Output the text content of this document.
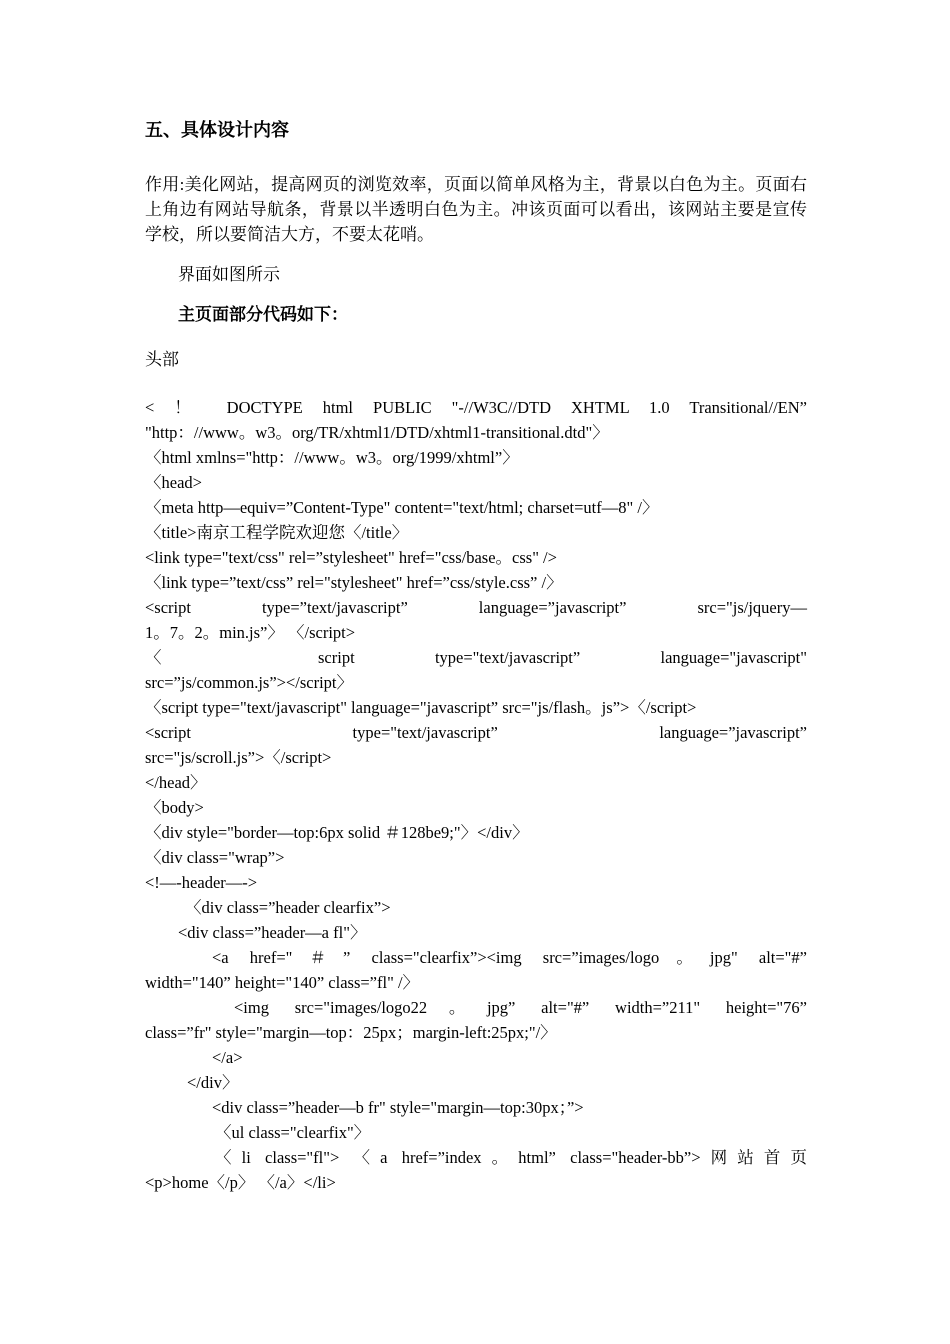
五、具体设计内容
作用:美化网站，提高网页的浏览效率，页面以简单风格为主，背景以白色为主。页面右上角边有网站导航条，背景以半透明白色为主。冲该页面可以看出，该网站主要是宣传学校，所以要简洁大方，不要太花哨。
界面如图所示
主页面部分代码如下：
头部
< ！ DOCTYPE html PUBLIC "-//W3C//DTD XHTML 1.0 Transitional//EN”
"http：//www。w3。org/TR/xhtml1/DTD/xhtml1-transitional.dtd"〉
〈html xmlns="http：//www。w3。org/1999/xhtml”〉
〈head>
〈meta http—equiv=”Content-Type" content="text/html; charset=utf—8" /〉
〈title>南京工程学院欢迎您〈/title〉
<link type="text/css" rel=”stylesheet" href="css/base。css" />
〈link type=”text/css” rel="stylesheet" href=”css/style.css” /〉
<script type=”text/javascript” language=”javascript” src="js/jquery—
1。7。2。min.js”〉 〈/script>
〈 script type="text/javascript” language="javascript"
src=”js/common.js”></script〉
〈script type="text/javascript" language="javascript” src="js/flash。js”>〈/script>
<script type="text/javascript” language=”javascript”
src="js/scroll.js”>〈/script>
</head〉
〈body>
〈div style="border—top:6px solid ＃128be9;"〉</div〉
〈div class="wrap”>
<!—-header—->
〈div class=”header clearfix”>
<div class=”header—a fl"〉
<a href="＃” class="clearfix”><img src=”images/logo。jpg" alt="#”
width="140” height="140” class=”fl" /〉
<img src="images/logo22。jpg” alt="#” width=”211" height="76”
class=”fr" style="margin—top：25px；margin-left:25px;"/〉
</a>
</div〉
<div class=”header—b fr" style="margin—top:30px；”>
〈ul class="clearfix"〉
〈li class="fl"> 〈a href=”index。html” class="header-bb”>网站首页
<p>home〈/p〉 〈/a〉</li>
